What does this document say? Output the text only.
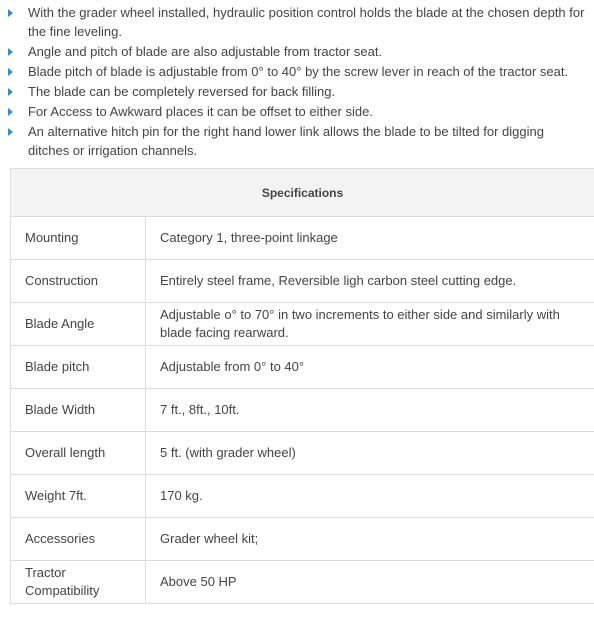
With the grader wheel installed, hydraulic position control holds the blade at the chosen depth for the fine leveling.
Angle and pitch of blade are also adjustable from tractor seat.
Blade pitch of blade is adjustable from 0° to 40° by the screw lever in reach of the tractor seat.
The blade can be completely reversed for back filling.
For Access to Awkward places it can be offset to either side.
An alternative hitch pin for the right hand lower link allows the blade to be tilted for digging ditches or irrigation channels.
Specifications	
Mounting	Category 1, three-point linkage
Construction	Entirely steel frame, Reversible ligh carbon steel cutting edge.
Blade Angle	Adjustable o° to 70° in two increments to either side and similarly with blade facing rearward.
Blade pitch	Adjustable from 0° to 40°
Blade Width	7 ft., 8ft., 10ft.
Overall length	5 ft. (with grader wheel)
Weight 7ft.	170 kg.
Accessories	Grader wheel kit;
Tractor Compatibility	Above 50 HP
